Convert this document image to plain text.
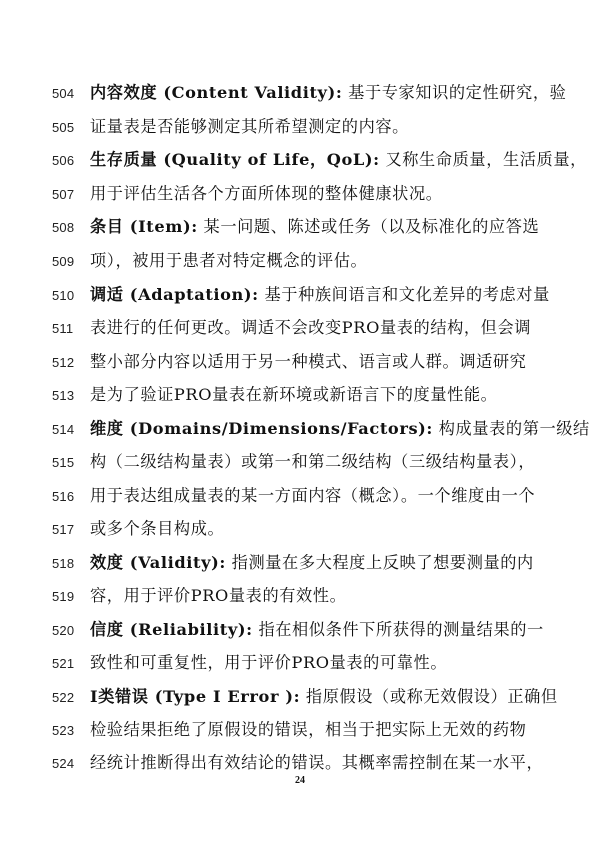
504 内容效度 (Content Validity): 基于专家知识的定性研究，验
505 证量表是否能够测定其所希望测定的内容。
506 生存质量 (Quality of Life，QoL): 又称生命质量，生活质量，
507 用于评估生活各个方面所体现的整体健康状况。
508 条目 (Item): 某一问题、陈述或任务（以及标准化的应答选
509 项），被用于患者对特定概念的评估。
510 调适 (Adaptation): 基于种族间语言和文化差异的考虑对量
511 表进行的任何更改。调适不会改变PRO量表的结构，但会调
512 整小部分内容以适用于另一种模式、语言或人群。调适研究
513 是为了验证PRO量表在新环境或新语言下的度量性能。
514 维度 (Domains/Dimensions/Factors): 构成量表的第一级结
515 构（二级结构量表）或第一和第二级结构（三级结构量表），
516 用于表达组成量表的某一方面内容（概念）。一个维度由一个
517 或多个条目构成。
518 效度 (Validity): 指测量在多大程度上反映了想要测量的内
519 容，用于评价PRO量表的有效性。
520 信度 (Reliability): 指在相似条件下所获得的测量结果的一
521 致性和可重复性，用于评价PRO量表的可靠性。
522 I类错误 (Type I Error ): 指原假设（或称无效假设）正确但
523 检验结果拒绝了原假设的错误，相当于把实际上无效的药物
524 经统计推断得出有效结论的错误。其概率需控制在某一水平，
24
